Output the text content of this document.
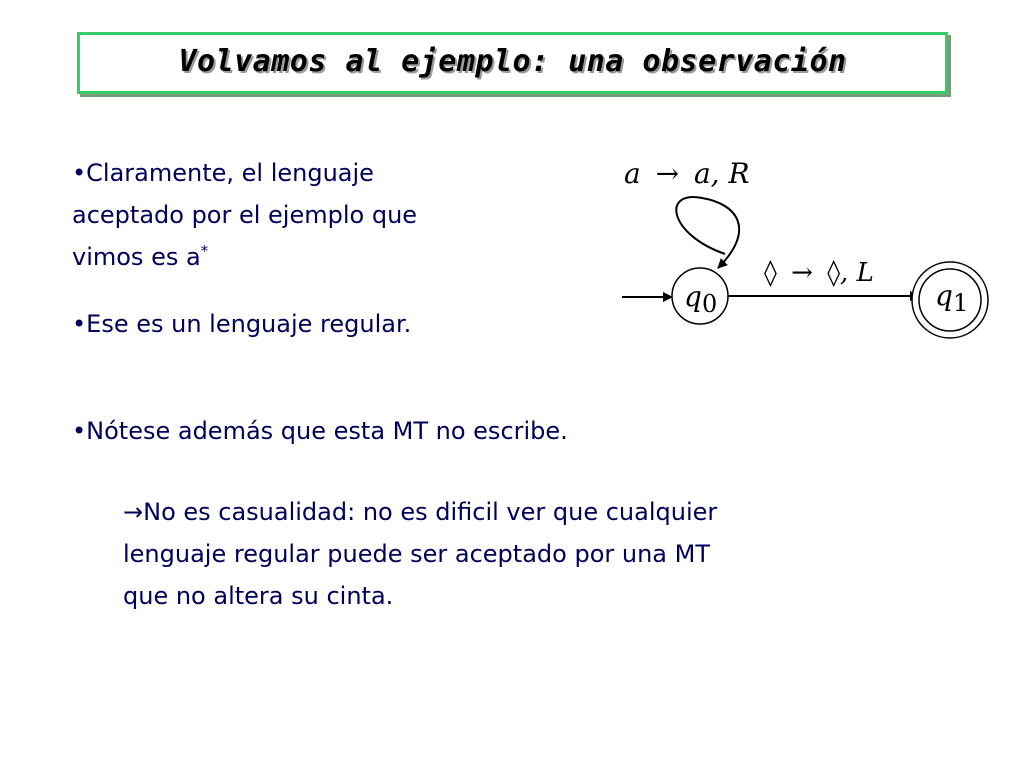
Volvamos al ejemplo: una observación
•Claramente, el lenguaje
aceptado por el ejemplo que
vimos es a*
•Ese es un lenguaje regular.
•Nótese además que esta MT no escribe.
→No es casualidad: no es dificil ver que cualquier
lenguaje regular puede ser aceptado por una MT
que no altera su cinta.
a → a, R
q0
◊ → ◊, L
q1
